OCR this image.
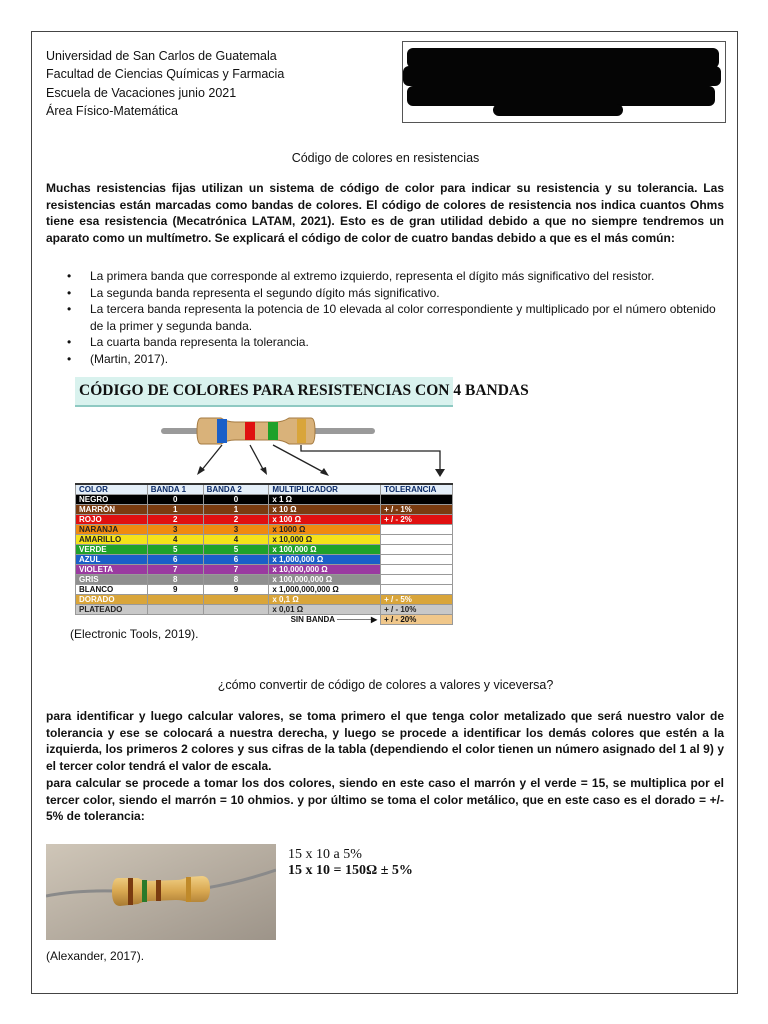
Universidad de San Carlos de Guatemala
Facultad de Ciencias Químicas y Farmacia
Escuela de Vacaciones junio 2021
Área Físico-Matemática
Código de colores en resistencias
Muchas resistencias fijas utilizan un sistema de código de color para indicar su resistencia y su tolerancia. Las resistencias están marcadas como bandas de colores. El código de colores de resistencia nos indica cuantos Ohms tiene esa resistencia (Mecatrónica LATAM, 2021). Esto es de gran utilidad debido a que no siempre tendremos un aparato como un multímetro. Se explicará el código de color de cuatro bandas debido a que es el más común:
• La primera banda que corresponde al extremo izquierdo, representa el dígito más significativo del resistor.
• La segunda banda representa el segundo dígito más significativo.
• La tercera banda representa la potencia de 10 elevada al color correspondiente y multiplicado por el número obtenido de la primer y segunda banda.
• La cuarta banda representa la tolerancia.
• (Martin, 2017).
CÓDIGO DE COLORES PARA RESISTENCIAS CON 4 BANDAS
COLOR	BANDA 1	BANDA 2	MULTIPLICADOR	TOLERANCIA
NEGRO	0	0	x 1 Ω	
MARRÓN	1	1	x 10 Ω	+ / - 1%
ROJO	2	2	x 100 Ω	+ / - 2%
NARANJA	3	3	x 1000 Ω	
AMARILLO	4	4	x 10,000 Ω	
VERDE	5	5	x 100,000 Ω	
AZUL	6	6	x 1,000,000 Ω	
VIOLETA	7	7	x 10,000,000 Ω	
GRIS	8	8	x 100,000,000 Ω	
BLANCO	9	9	x 1,000,000,000 Ω	
DORADO			x 0,1 Ω	+ / - 5%
PLATEADO			x 0,01 Ω	+ / - 10%
			SIN BANDA ──────▶	+ / - 20%
(Electronic Tools, 2019).
¿cómo convertir de código de colores a valores y viceversa?
para identificar y luego calcular valores, se toma primero el que tenga color metalizado que será nuestro valor de tolerancia y ese se colocará a nuestra derecha, y luego se procede a identificar los demás colores que estén a la izquierda, los primeros 2 colores y sus cifras de la tabla (dependiendo el color tienen un número asignado del 1 al 9) y el tercer color tendrá el valor de escala.
para calcular se procede a tomar los dos colores, siendo en este caso el marrón y el verde = 15, se multiplica por el tercer color, siendo el marrón = 10 ohmios. y por último se toma el color metálico, que en este caso es el dorado = +/- 5% de tolerancia:
15 x 10 a 5%
15 x 10 = 150Ω ± 5%
(Alexander, 2017).
